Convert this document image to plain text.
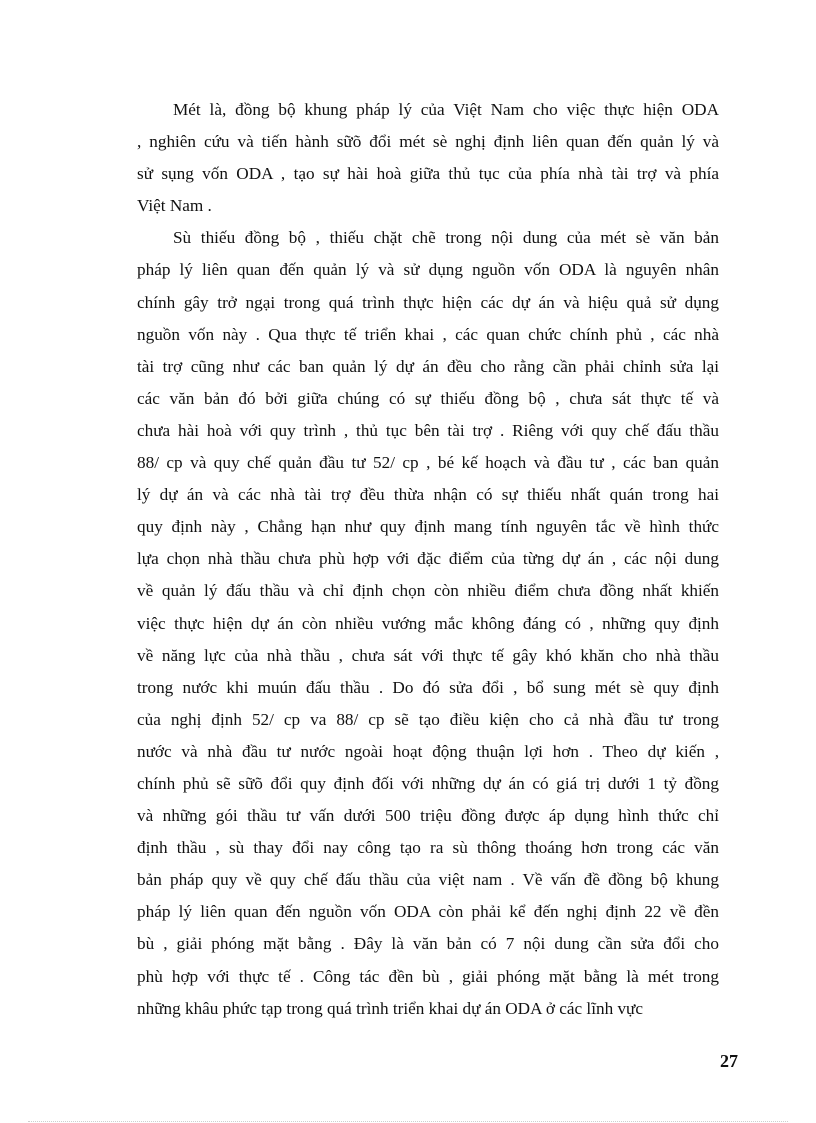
Mét là, đồng bộ khung pháp lý của Việt Nam cho việc thực hiện ODA
, nghiên cứu và tiến hành sữõ đổi mét sè nghị định liên quan đến quản lý và
sử sụng vốn ODA , tạo sự hài hoà giữa thủ tục của phía nhà tài trợ và phía
Việt Nam .
Sù thiếu đồng bộ , thiếu chặt chẽ trong nội dung của mét sè văn bản
pháp lý liên quan đến quản lý và sử dụng nguồn vốn ODA là nguyên nhân
chính gây trở ngại trong quá trình thực hiện các dự án và hiệu quả sử dụng
nguồn vốn này . Qua thực tế triển khai , các quan chức chính phủ , các nhà
tài trợ cũng như các ban quản lý dự án đều cho rằng cần phải chỉnh sửa lại
các văn bản đó bởi giữa chúng có sự thiếu đồng bộ , chưa sát thực tế và
chưa hài hoà với quy trình , thủ tục bên tài trợ . Riêng với quy chế đấu thầu
88/ cp và quy chế quản đầu tư 52/ cp , bé kế hoạch và đầu tư , các ban quản
lý dự án và các nhà tài trợ đều thừa nhận có sự thiếu nhất quán trong hai
quy định này , Chẳng hạn như quy định mang tính nguyên tắc về hình thức
lựa chọn nhà thầu chưa phù hợp với đặc điểm của từng dự án , các nội dung
về quản lý đấu thầu và chỉ định chọn còn nhiều điểm chưa đồng nhất khiến
việc thực hiện dự án còn nhiều vướng mắc không đáng có , những quy định
về năng lực của nhà thầu , chưa sát với thực tế gây khó khăn cho nhà thầu
trong nước khi muún đấu thầu . Do đó sửa đổi , bổ sung mét sè quy định
của nghị định 52/ cp va 88/ cp sẽ tạo điều kiện cho cả nhà đầu tư trong
nước và nhà đầu tư nước ngoài hoạt động thuận lợi hơn . Theo dự kiến ,
chính phủ sẽ sữõ đổi quy định đối với những dự án có giá trị dưới 1 tỷ đồng
và những gói thầu tư vấn dưới 500 triệu đồng được áp dụng hình thức chỉ
định thầu , sù thay đổi nay công tạo ra sù thông thoáng hơn trong các văn
bản pháp quy về quy chế đấu thầu của việt nam . Về vấn đề đồng bộ khung
pháp lý liên quan đến nguồn vốn ODA còn phải kể đến nghị định 22 về đền
bù , giải phóng mặt bằng . Đây là văn bản có 7 nội dung cần sửa đổi cho
phù hợp với thực tế . Công tác đền bù , giải phóng mặt bằng là mét trong
những khâu phức tạp trong quá trình triển khai dự án ODA ở các lĩnh vực
27
